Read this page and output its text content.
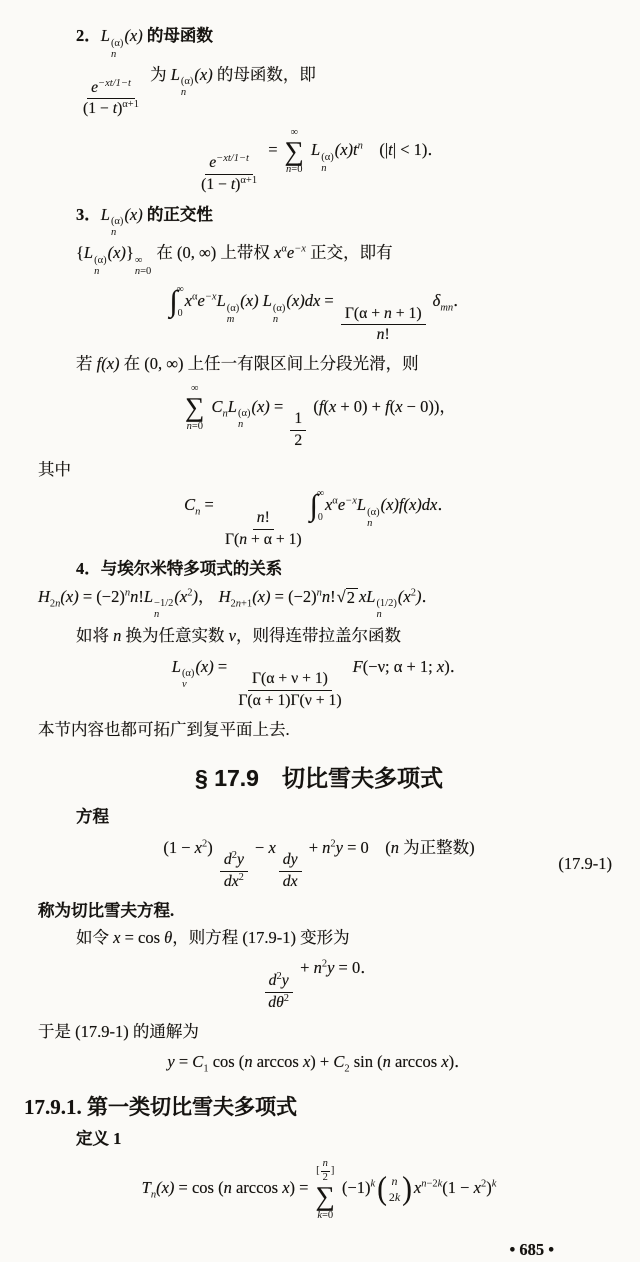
2．L (α)
n
(x) 的母函数
$\frac{e^{-xt/1-t}}{(1 - t)^{\alpha+1}}$
为 L (α)
n
(x) 的母函数，即
$\frac{e^{-xt/1-t}}{(1 - t)^{\alpha+1}}$
=
∞
∑
n =0
L (α)
n
$(x)t^n$　(|t| < 1)．
3．L (α)
n
(x) 的正交性
{L (α)
n
(x)} ∞
n=0
在 (0, ∞) 上带权 $x^\alpha e^{-x}$ 正交，即有
∫ ∞
0
$x^\alpha e^{-x}L$ (α)
m
(x) L (α)
n
(x)dx =
$\frac{\Gamma(\alpha + n + 1)}{n!}$
$\delta_{mn}$．
若 f(x) 在 (0, ∞) 上任一有限区间上分段光滑，则
∞
∑
n =0
$C_nL$ (α)
n
(x) =
$\frac{1}{2}$
(f(x + 0) + f(x − 0))，
其中
$C_n$ =
$\frac{n!}{\Gamma(n + \alpha + 1)}$
∫ ∞
0
$x^\alpha e^{-x}L$ (α)
n
(x)f(x)dx．
4．与埃尔米特多项式的关系
$H_{2n}(x) = (-2)^nn!L -1/2$
n
$(x^2)$， $H_{2n+1}(x) = (-2)^nn$! √ 2 xL (1/2)
n
$(x^2)$．
如将 n 换为任意实数 ν，则得连带拉盖尔函数
L (α)
ν
(x) =
$\frac{\Gamma(\alpha + \nu + 1)}{\Gamma(\alpha + 1)\Gamma(\nu + 1)}$
F(−ν; α + 1; x)．
本节内容也都可拓广到复平面上去.
§ 17.9　切比雪夫多项式
方程
$(1 - x^2)$
$\frac{d^2y}{dx^2}$
− x
$\frac{dy}{dx}$
+ $n^2y = 0$　(n 为正整数)
(17.9-1)
称为切比雪夫方程.
如令 x = cos θ，则方程 (17.9-1) 变形为
$\frac{d^2y}{d\theta^2}$
+ $n^2y = 0$．
于是 (17.9-1) 的通解为
$y = C_1$ cos (n $\arccos x) + C_2$ sin (n arccos x)．
17.9.1. 第一类切比雪夫多项式
定义 1
$T_n(x) = \cos (n$ arccos x) =
[ $\frac{n}{2}$ ]
∑
k =0
$(-1)^k$ ( n
2k ) $x^{n-2k}(1 - x^2)^k$
• 685 •
